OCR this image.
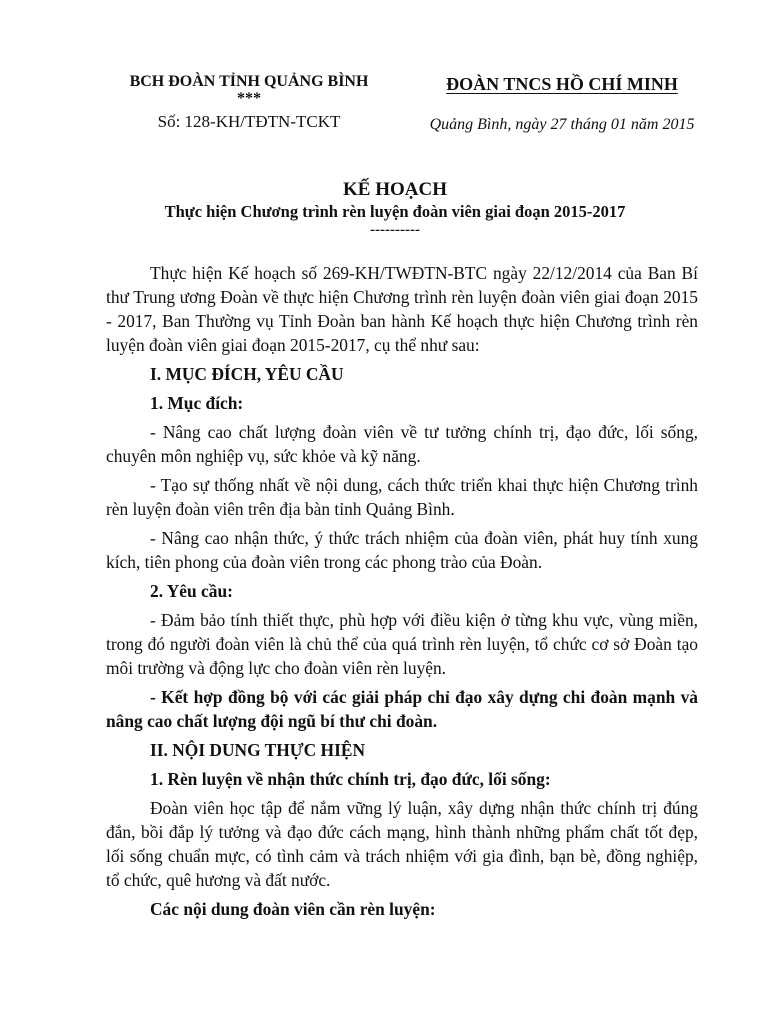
BCH ĐOÀN TỈNH QUẢNG BÌNH
***
Số: 128-KH/TĐTN-TCKT
ĐOÀN TNCS HỒ CHÍ MINH
Quảng Bình, ngày 27 tháng 01 năm 2015
KẾ HOẠCH
Thực hiện Chương trình rèn luyện đoàn viên giai đoạn 2015-2017
----------

Thực hiện Kế hoạch số 269-KH/TWĐTN-BTC ngày 22/12/2014 của Ban Bí thư Trung ương Đoàn về thực hiện Chương trình rèn luyện đoàn viên giai đoạn 2015 - 2017, Ban Thường vụ Tỉnh Đoàn ban hành Kế hoạch thực hiện Chương trình rèn luyện đoàn viên giai đoạn 2015-2017, cụ thể như sau:

I. MỤC ĐÍCH, YÊU CẦU

1. Mục đích:

- Nâng cao chất lượng đoàn viên về tư tưởng chính trị, đạo đức, lối sống, chuyên môn nghiệp vụ, sức khỏe và kỹ năng.

- Tạo sự thống nhất về nội dung, cách thức triển khai thực hiện Chương trình rèn luyện đoàn viên trên địa bàn tỉnh Quảng Bình.

- Nâng cao nhận thức, ý thức trách nhiệm của đoàn viên, phát huy tính xung kích, tiên phong của đoàn viên trong các phong trào của Đoàn.

2. Yêu cầu:

- Đảm bảo tính thiết thực, phù hợp với điều kiện ở từng khu vực, vùng miền, trong đó người đoàn viên là chủ thể của quá trình rèn luyện, tổ chức cơ sở Đoàn tạo môi trường và động lực cho đoàn viên rèn luyện.

- Kết hợp đồng bộ với các giải pháp chỉ đạo xây dựng chi đoàn mạnh và nâng cao chất lượng đội ngũ bí thư chi đoàn.

II. NỘI DUNG THỰC HIỆN

1. Rèn luyện về nhận thức chính trị, đạo đức, lối sống:

Đoàn viên học tập để nắm vững lý luận, xây dựng nhận thức chính trị đúng đắn, bồi đắp lý tưởng và đạo đức cách mạng, hình thành những phẩm chất tốt đẹp, lối sống chuẩn mực, có tình cảm và trách nhiệm với gia đình, bạn bè, đồng nghiệp, tổ chức, quê hương và đất nước.

Các nội dung đoàn viên cần rèn luyện:
